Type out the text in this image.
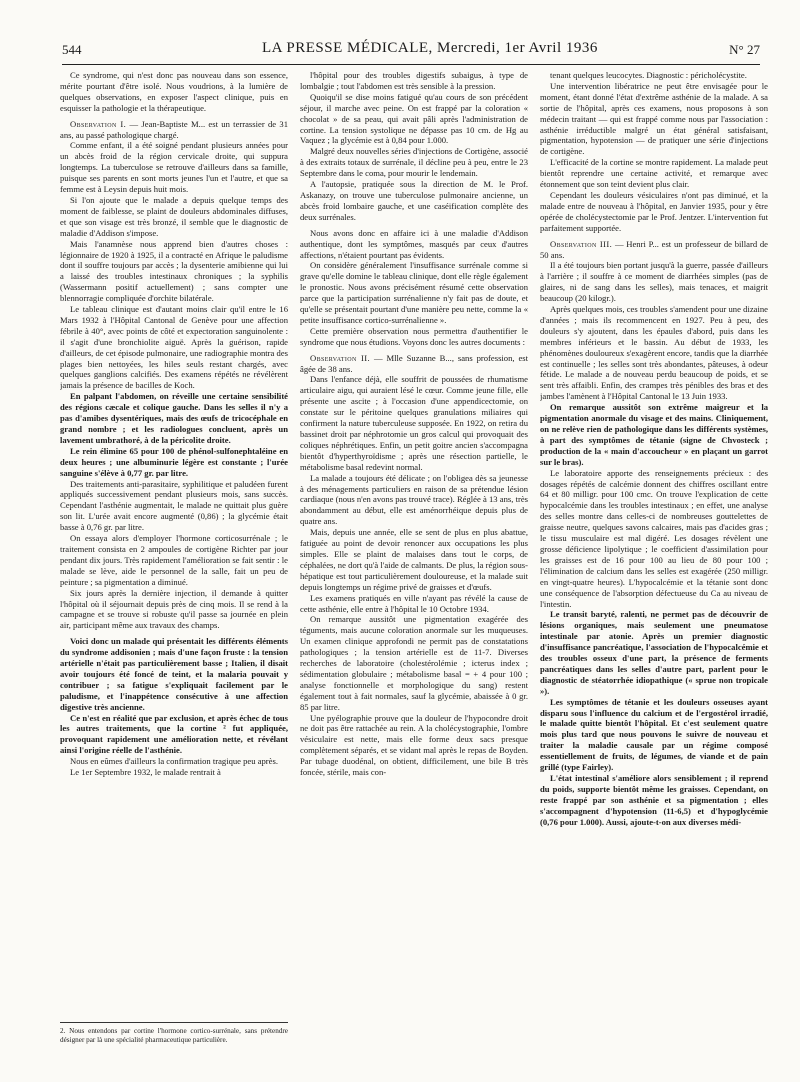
544	LA PRESSE MÉDICALE, Mercredi, 1er Avril 1936	N° 27

Ce syndrome, qui n'est donc pas nouveau dans son essence, mérite pourtant d'être isolé. Nous voudrions, à la lumière de quelques observations, en exposer l'aspect clinique, puis en esquisser la pathologie et la thérapeutique.

Observation I. — Jean-Baptiste M... est un terrassier de 31 ans, au passé pathologique chargé.

Comme enfant, il a été soigné pendant plusieurs années pour un abcès froid de la région cervicale droite, qui suppura longtemps. La tuberculose se retrouve d'ailleurs dans sa famille, puisque ses parents en sont morts jeunes l'un et l'autre, et que sa femme est à Leysin depuis huit mois.

Si l'on ajoute que le malade a depuis quelque temps des moment de faiblesse, se plaint de douleurs abdominales diffuses, et que son visage est très bronzé, il semble que le diagnostic de maladie d'Addison s'impose.

Mais l'anamnèse nous apprend bien d'autres choses : légionnaire de 1920 à 1925, il a contracté en Afrique le paludisme dont il souffre toujours par accès ; la dysenterie amibienne qui lui a laissé des troubles intestinaux chroniques ; la syphilis (Wassermann positif actuellement) ; sans compter une blennorragie compliquée d'orchite bilatérale.

Le tableau clinique est d'autant moins clair qu'il entre le 16 Mars 1932 à l'Hôpital Cantonal de Genève pour une affection fébrile à 40°, avec points de côté et expectoration sanguinolente : il s'agit d'une bronchiolite aiguë. Après la guérison, rapide d'ailleurs, de cet épisode pulmonaire, une radiographie montra des plages bien nettoyées, les hiles seuls restant chargés, avec quelques ganglions calcifiés. Des examens répétés ne révélèrent jamais la présence de bacilles de Koch.

En palpant l'abdomen, on réveille une certaine sensibilité des régions cæcale et colique gauche. Dans les selles il n'y a pas d'amibes dysentériques, mais des œufs de tricocéphale en grand nombre ; et les radiologues concluent, après un lavement umbrathoré, à de la péricolite droite.

Le rein élimine 65 pour 100 de phénol-sulfonephtaléine en deux heures ; une albuminurie légère est constante ; l'urée sanguine s'élève à 0,77 gr. par litre.

Des traitements anti-parasitaire, syphilitique et paludéen furent appliqués successivement pendant plusieurs mois, sans succès. Cependant l'asthénie augmentait, le malade ne quittait plus guère son lit. L'urée avait encore augmenté (0,86) ; la glycémie était basse à 0,76 gr. par litre.

On essaya alors d'employer l'hormone corticosurrénale ; le traitement consista en 2 ampoules de cortigène Richter par jour pendant dix jours. Très rapidement l'amélioration se fait sentir : le malade se lève, aide le personnel de la salle, fait un peu de peinture ; sa pigmentation a diminué.

Six jours après la dernière injection, il demande à quitter l'hôpital où il séjournait depuis près de cinq mois. Il se rend à la campagne et se trouve si robuste qu'il passe sa journée en plein air, participant même aux travaux des champs.

Voici donc un malade qui présentait les différents éléments du syndrome addisonien ; mais d'une façon fruste : la tension artérielle n'était pas particulièrement basse ; Italien, il disait avoir toujours été foncé de teint, et la malaria pouvait y contribuer ; sa fatigue s'expliquait facilement par le paludisme, et l'inappétence consécutive à une affection digestive très ancienne.

Ce n'est en réalité que par exclusion, et après échec de tous les autres traitements, que la cortine ² fut appliquée, provoquant rapidement une amélioration nette, et révélant ainsi l'origine réelle de l'asthénie.

Nous en eûmes d'ailleurs la confirmation tragique peu après.

Le 1er Septembre 1932, le malade rentrait à

l'hôpital pour des troubles digestifs subaigus, à type de lombalgie ; tout l'abdomen est très sensible à la pression.

Quoiqu'il se dise moins fatigué qu'au cours de son précédent séjour, il marche avec peine. On est frappé par la coloration « chocolat » de sa peau, qui avait pâli après l'administration de cortine. La tension systolique ne dépasse pas 10 cm. de Hg au Vaquez ; la glycémie est à 0,84 pour 1.000.

Malgré deux nouvelles séries d'injections de Cortigène, associé à des extraits totaux de surrénale, il décline peu à peu, entre le 23 Septembre dans le coma, pour mourir le lendemain.

A l'autopsie, pratiquée sous la direction de M. le Prof. Askanazy, on trouve une tuberculose pulmonaire ancienne, un abcès froid lombaire gauche, et une caséification complète des deux surrénales.

Nous avons donc en affaire ici à une maladie d'Addison authentique, dont les symptômes, masqués par ceux d'autres affections, n'étaient pourtant pas évidents.

On considère généralement l'insuffisance surrénale comme si grave qu'elle domine le tableau clinique, dont elle règle également le pronostic. Nous avons précisément résumé cette observation parce que la participation surrénalienne n'y fait pas de doute, et qu'elle se présentait pourtant d'une manière peu nette, comme la « petite insuffisance cortico-surrénalienne ».

Cette première observation nous permettra d'authentifier le syndrome que nous étudions. Voyons donc les autres documents :

Observation II. — Mlle Suzanne B..., sans profession, est âgée de 38 ans.

Dans l'enfance déjà, elle souffrit de poussées de rhumatisme articulaire aigu, qui auraient lésé le cœur. Comme jeune fille, elle présente une ascite ; à l'occasion d'une appendicectomie, on constate sur le péritoine quelques granulations miliaires qui confirment la nature tuberculeuse supposée. En 1922, on retira du bassinet droit par néphrotomie un gros calcul qui provoquait des coliques néphrétiques. Enfin, un petit goitre ancien s'accompagna bientôt d'hyperthyroïdisme ; après une résection partielle, le métabolisme basal redevint normal.

La malade a toujours été délicate ; on l'obligea dès sa jeunesse à des ménagements particuliers en raison de sa prétendue lésion cardiaque (nous n'en avons pas trouvé trace). Réglée à 13 ans, très abondamment au début, elle est aménorrhéique depuis plus de quatre ans.

Mais, depuis une année, elle se sent de plus en plus abattue, fatiguée au point de devoir renoncer aux occupations les plus simples. Elle se plaint de malaises dans tout le corps, de céphalées, ne dort qu'à l'aide de calmants. De plus, la région sous-hépatique est tout particulièrement douloureuse, et la malade suit depuis longtemps un régime privé de graisses et d'œufs.

Les examens pratiqués en ville n'ayant pas révélé la cause de cette asthénie, elle entre à l'hôpital le 10 Octobre 1934.

On remarque aussitôt une pigmentation exagérée des téguments, mais aucune coloration anormale sur les muqueuses. Un examen clinique approfondi ne permit pas de constatations pathologiques ; la tension artérielle est de 11-7. Diverses recherches de laboratoire (cholestérolémie ; icterus index ; sédimentation globulaire ; métabolisme basal = + 4 pour 100 ; analyse fonctionnelle et morphologique du sang) restent également tout à fait normales, sauf la glycémie, abaissée à 0 gr. 85 par litre.

Une pyélographie prouve que la douleur de l'hypocondre droit ne doit pas être rattachée au rein. A la cholécystographie, l'ombre vésiculaire est nette, mais elle forme deux sacs presque complètement séparés, et se vidant mal après le repas de Boyden. Par tubage duodénal, on obtient, difficilement, une bile B très foncée, stérile, mais con-

tenant quelques leucocytes. Diagnostic : péricholécystite.

Une intervention libératrice ne peut être envisagée pour le moment, étant donné l'état d'extrême asthénie de la malade. A sa sortie de l'hôpital, après ces examens, nous proposons à son médecin traitant — qui est frappé comme nous par l'association : asthénie irréductible malgré un état général satisfaisant, pigmentation, hypotension — de pratiquer une série d'injections de cortigène.

L'efficacité de la cortine se montre rapidement. La malade peut bientôt reprendre une certaine activité, et remarque avec étonnement que son teint devient plus clair.

Cependant les douleurs vésiculaires n'ont pas diminué, et la malade entre de nouveau à l'hôpital, en Janvier 1935, pour y être opérée de cholécystectomie par le Prof. Jentzer. L'intervention fut parfaitement supportée.

Observation III. — Henri P... est un professeur de billard de 50 ans.

Il a été toujours bien portant jusqu'à la guerre, passée d'ailleurs à l'arrière ; il souffre à ce moment de diarrhées simples (pas de glaires, ni de sang dans les selles), mais tenaces, et maigrit beaucoup (20 kilogr.).

Après quelques mois, ces troubles s'amendent pour une dizaine d'années ; mais ils recommencent en 1927. Peu à peu, des douleurs s'y ajoutent, dans les épaules d'abord, puis dans les membres inférieurs et le bassin. Au début de 1933, les phénomènes douloureux s'exagèrent encore, tandis que la diarrhée est continuelle ; les selles sont très abondantes, pâteuses, à odeur fétide. Le malade a de nouveau perdu beaucoup de poids, et se sent très affaibli. Enfin, des crampes très pénibles des bras et des jambes l'amènent à l'Hôpital Cantonal le 13 Juin 1933.

On remarque aussitôt son extrême maigreur et la pigmentation anormale du visage et des mains. Cliniquement, on ne relève rien de pathologique dans les différents systèmes, à part des symptômes de tétanie (signe de Chvosteck ; production de la « main d'accoucheur » en plaçant un garrot sur le bras).

Le laboratoire apporte des renseignements précieux : des dosages répétés de calcémie donnent des chiffres oscillant entre 64 et 80 milligr. pour 100 cmc. On trouve l'explication de cette hypocalcémie dans les troubles intestinaux ; en effet, une analyse des selles montre dans celles-ci de nombreuses gouttelettes de graisse neutre, quelques savons calcaires, mais pas d'acides gras ; le tissu musculaire est mal digéré. Les dosages révèlent une grosse déficience lipolytique ; le coefficient d'assimilation pour les graisses est de 16 pour 100 au lieu de 80 pour 100 ; l'élimination de calcium dans les selles est exagérée (250 milligr. en vingt-quatre heures). L'hypocalcémie et la tétanie sont donc une conséquence de l'absorption défectueuse du Ca au niveau de l'intestin.

Le transit baryté, ralenti, ne permet pas de découvrir de lésions organiques, mais seulement une pneumatose intestinale par atonie. Après un premier diagnostic d'insuffisance pancréatique, l'association de l'hypocalcémie et des troubles osseux d'une part, la présence de ferments pancréatiques dans les selles d'autre part, parlent pour le diagnostic de stéatorrhée idiopathique (« sprue non tropicale »).

Les symptômes de tétanie et les douleurs osseuses ayant disparu sous l'influence du calcium et de l'ergostérol irradié, le malade quitte bientôt l'hôpital. Et c'est seulement quatre mois plus tard que nous pouvons le suivre de nouveau et traiter la maladie causale par un régime composé essentiellement de fruits, de légumes, de viande et de pain grillé (type Fairley).

L'état intestinal s'améliore alors sensiblement ; il reprend du poids, supporte bientôt même les graisses. Cependant, on reste frappé par son asthénie et sa pigmentation ; elles s'accompagnent d'hypotension (11-6,5) et d'hypoglycémie (0,76 pour 1.000). Aussi, ajoute-t-on aux diverses médi-

2. Nous entendons par cortine l'hormone cortico-surrénale, sans prétendre désigner par là une spécialité pharmaceutique particulière.
